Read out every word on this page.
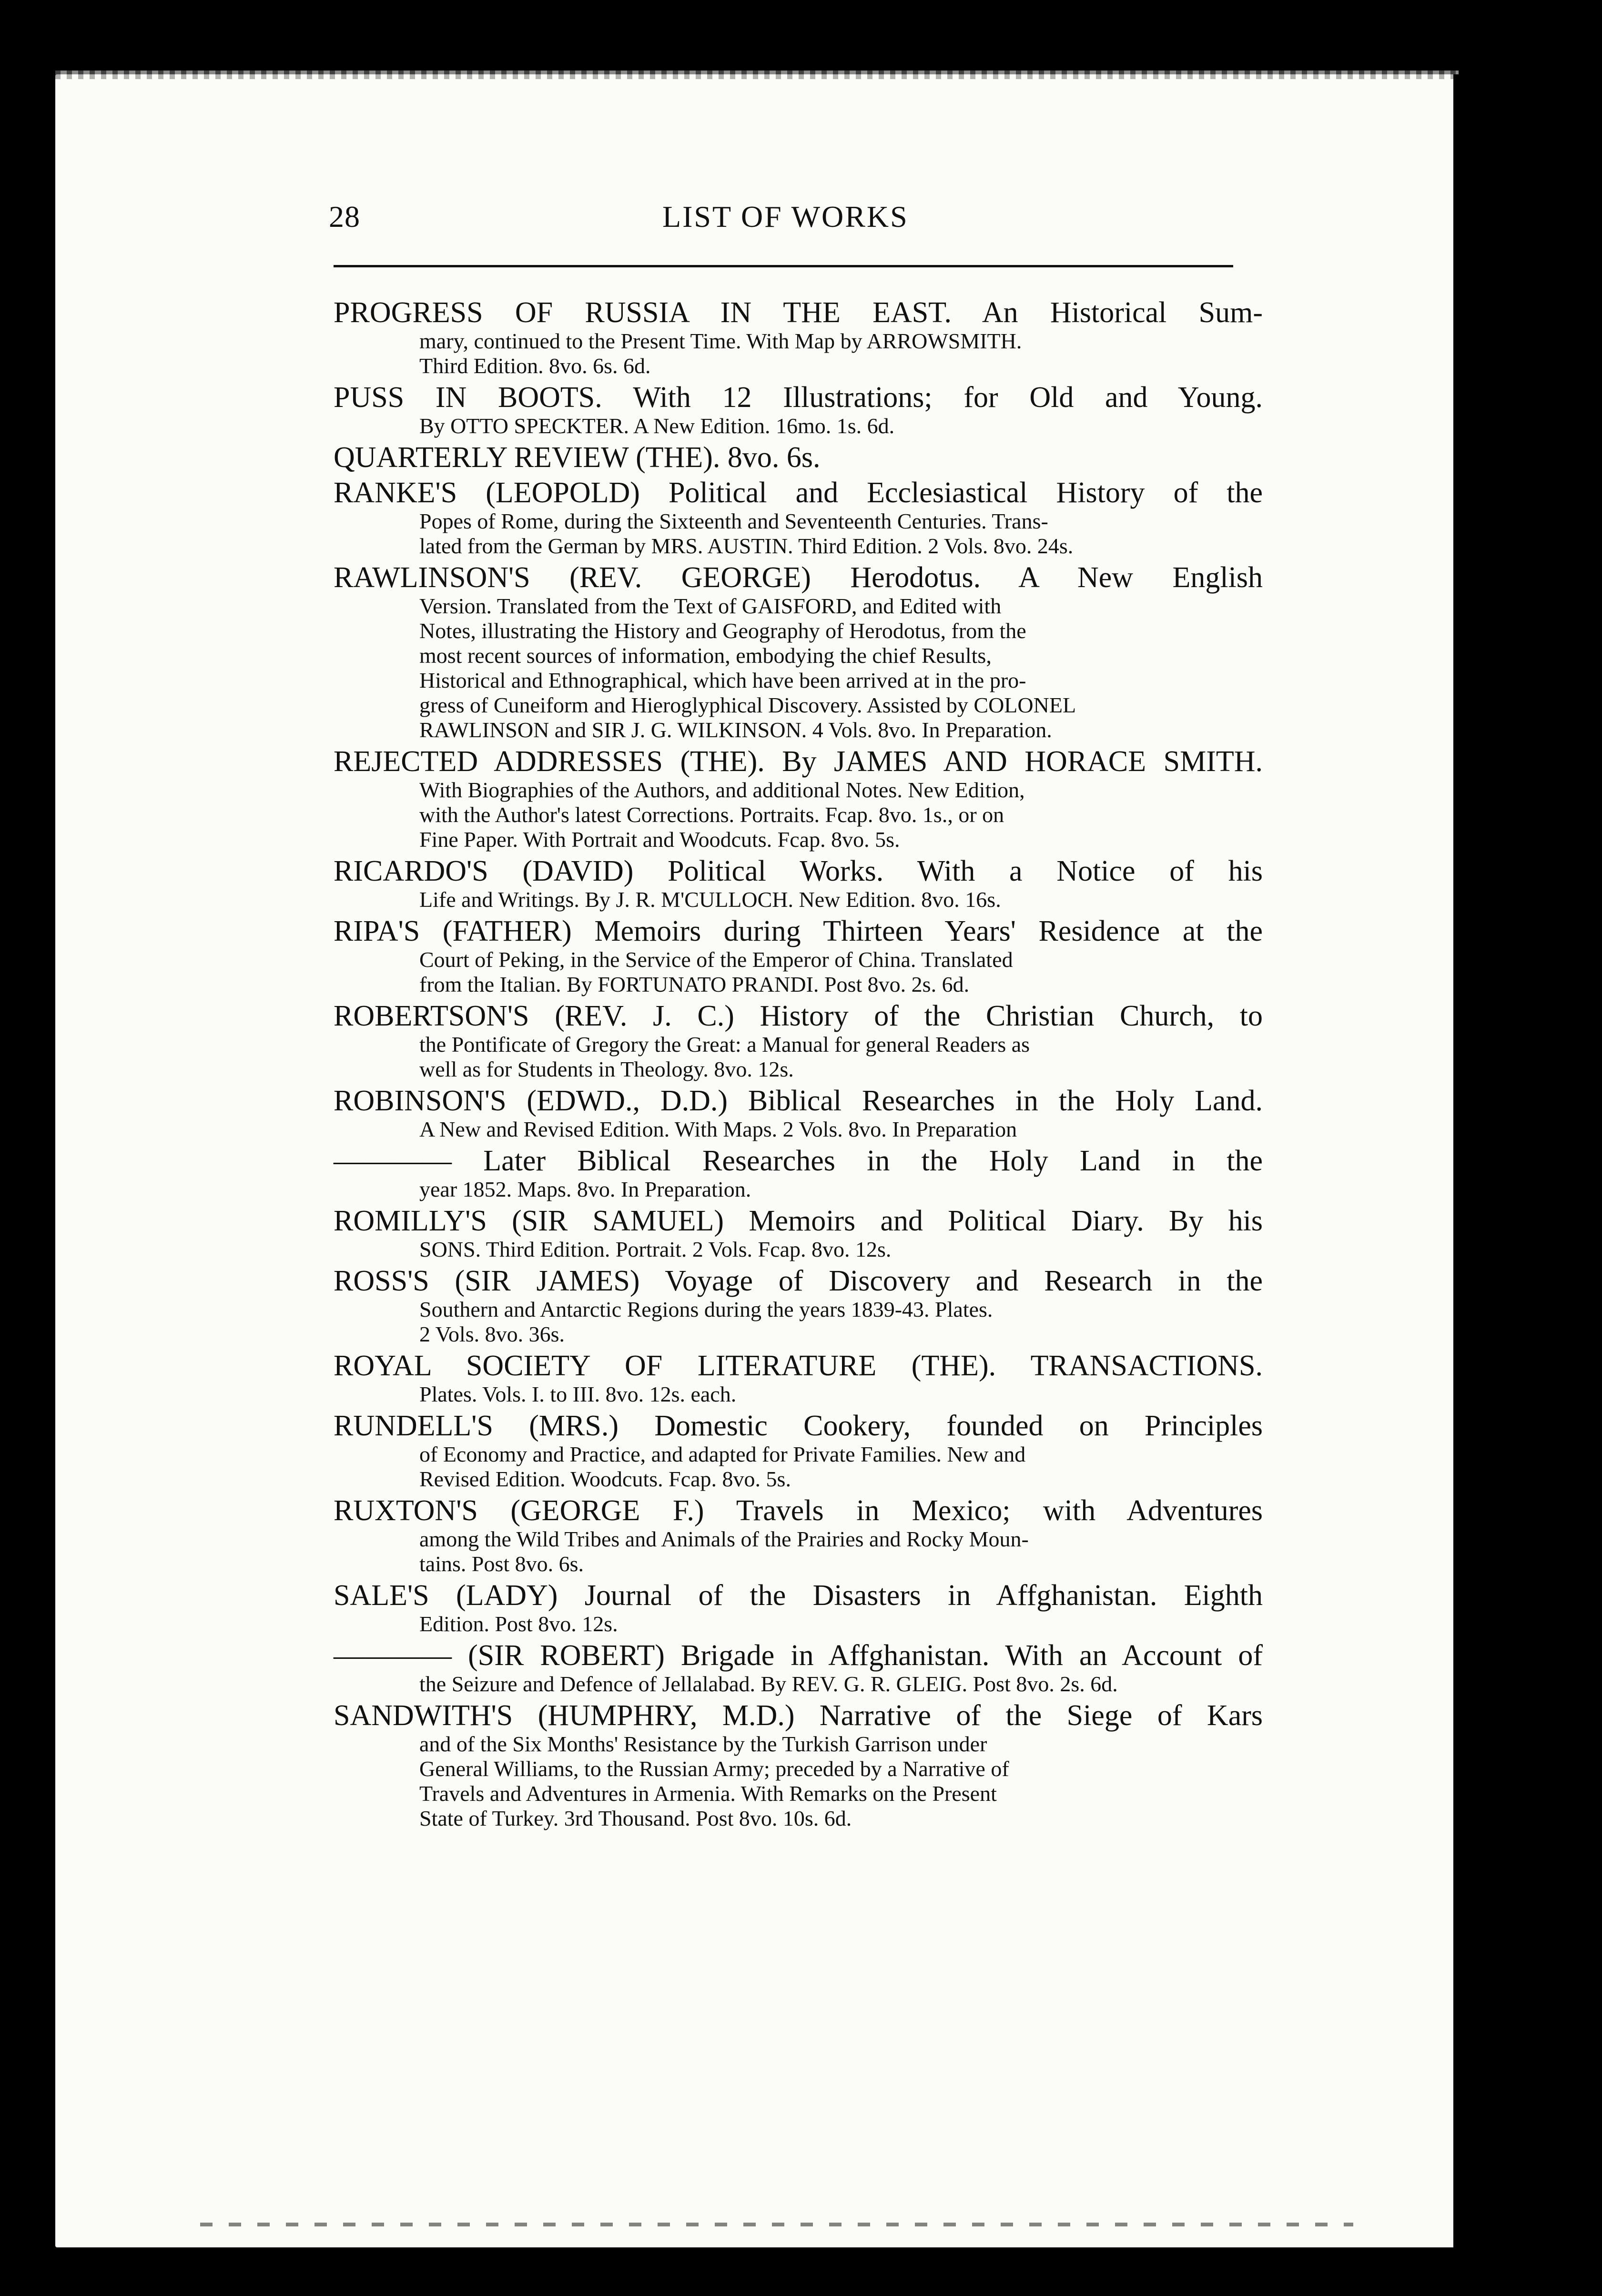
28	LIST OF WORKS
PROGRESS OF RUSSIA IN THE EAST. An Historical Sum-
mary, continued to the Present Time. With Map by ARROWSMITH.
Third Edition. 8vo. 6s. 6d.
PUSS IN BOOTS. With 12 Illustrations; for Old and Young.
By OTTO SPECKTER. A New Edition. 16mo. 1s. 6d.
QUARTERLY REVIEW (THE). 8vo. 6s.
RANKE'S (LEOPOLD) Political and Ecclesiastical History of the
Popes of Rome, during the Sixteenth and Seventeenth Centuries. Trans-
lated from the German by MRS. AUSTIN. Third Edition. 2 Vols. 8vo. 24s.
RAWLINSON'S (REV. GEORGE) Herodotus. A New English
Version. Translated from the Text of GAISFORD, and Edited with
Notes, illustrating the History and Geography of Herodotus, from the
most recent sources of information, embodying the chief Results,
Historical and Ethnographical, which have been arrived at in the pro-
gress of Cuneiform and Hieroglyphical Discovery. Assisted by COLONEL
RAWLINSON and SIR J. G. WILKINSON. 4 Vols. 8vo. In Preparation.
REJECTED ADDRESSES (THE). By JAMES AND HORACE SMITH.
With Biographies of the Authors, and additional Notes. New Edition,
with the Author's latest Corrections. Portraits. Fcap. 8vo. 1s., or on
Fine Paper. With Portrait and Woodcuts. Fcap. 8vo. 5s.
RICARDO'S (DAVID) Political Works. With a Notice of his
Life and Writings. By J. R. M'CULLOCH. New Edition. 8vo. 16s.
RIPA'S (FATHER) Memoirs during Thirteen Years' Residence at the
Court of Peking, in the Service of the Emperor of China. Translated
from the Italian. By FORTUNATO PRANDI. Post 8vo. 2s. 6d.
ROBERTSON'S (REV. J. C.) History of the Christian Church, to
the Pontificate of Gregory the Great: a Manual for general Readers as
well as for Students in Theology. 8vo. 12s.
ROBINSON'S (EDWD., D.D.) Biblical Researches in the Holy Land.
A New and Revised Edition. With Maps. 2 Vols. 8vo. In Preparation
———— Later Biblical Researches in the Holy Land in the
year 1852. Maps. 8vo. In Preparation.
ROMILLY'S (SIR SAMUEL) Memoirs and Political Diary. By his
SONS. Third Edition. Portrait. 2 Vols. Fcap. 8vo. 12s.
ROSS'S (SIR JAMES) Voyage of Discovery and Research in the
Southern and Antarctic Regions during the years 1839-43. Plates.
2 Vols. 8vo. 36s.
ROYAL SOCIETY OF LITERATURE (THE). TRANSACTIONS.
Plates. Vols. I. to III. 8vo. 12s. each.
RUNDELL'S (MRS.) Domestic Cookery, founded on Principles
of Economy and Practice, and adapted for Private Families. New and
Revised Edition. Woodcuts. Fcap. 8vo. 5s.
RUXTON'S (GEORGE F.) Travels in Mexico; with Adventures
among the Wild Tribes and Animals of the Prairies and Rocky Moun-
tains. Post 8vo. 6s.
SALE'S (LADY) Journal of the Disasters in Affghanistan. Eighth
Edition. Post 8vo. 12s.
———— (SIR ROBERT) Brigade in Affghanistan. With an Account of
the Seizure and Defence of Jellalabad. By REV. G. R. GLEIG. Post 8vo. 2s. 6d.
SANDWITH'S (HUMPHRY, M.D.) Narrative of the Siege of Kars
and of the Six Months' Resistance by the Turkish Garrison under
General Williams, to the Russian Army; preceded by a Narrative of
Travels and Adventures in Armenia. With Remarks on the Present
State of Turkey. 3rd Thousand. Post 8vo. 10s. 6d.
